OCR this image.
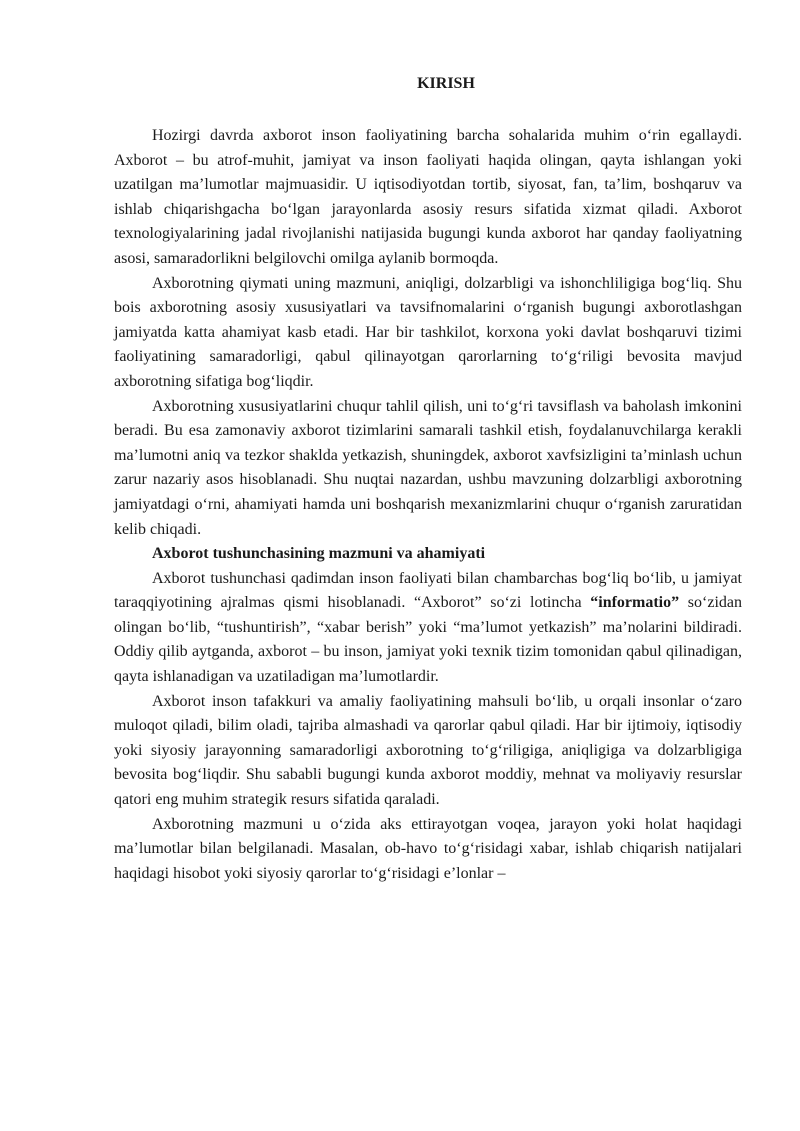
KIRISH

Hozirgi davrda axborot inson faoliyatining barcha sohalarida muhim o‘rin egallaydi. Axborot – bu atrof-muhit, jamiyat va inson faoliyati haqida olingan, qayta ishlangan yoki uzatilgan ma’lumotlar majmuasidir. U iqtisodiyotdan tortib, siyosat, fan, ta’lim, boshqaruv va ishlab chiqarishgacha bo‘lgan jarayonlarda asosiy resurs sifatida xizmat qiladi. Axborot texnologiyalarining jadal rivojlanishi natijasida bugungi kunda axborot har qanday faoliyatning asosi, samaradorlikni belgilovchi omilga aylanib bormoqda.

Axborotning qiymati uning mazmuni, aniqligi, dolzarbligi va ishonchliligiga bog‘liq. Shu bois axborotning asosiy xususiyatlari va tavsifnomalarini o‘rganish bugungi axborotlashgan jamiyatda katta ahamiyat kasb etadi. Har bir tashkilot, korxona yoki davlat boshqaruvi tizimi faoliyatining samaradorligi, qabul qilinayotgan qarorlarning to‘g‘riligi bevosita mavjud axborotning sifatiga bog‘liqdir.

Axborotning xususiyatlarini chuqur tahlil qilish, uni to‘g‘ri tavsiflash va baholash imkonini beradi. Bu esa zamonaviy axborot tizimlarini samarali tashkil etish, foydalanuvchilarga kerakli ma’lumotni aniq va tezkor shaklda yetkazish, shuningdek, axborot xavfsizligini ta’minlash uchun zarur nazariy asos hisoblanadi. Shu nuqtai nazardan, ushbu mavzuning dolzarbligi axborotning jamiyatdagi o‘rni, ahamiyati hamda uni boshqarish mexanizmlarini chuqur o‘rganish zaruratidan kelib chiqadi.

Axborot tushunchasining mazmuni va ahamiyati

Axborot tushunchasi qadimdan inson faoliyati bilan chambarchas bog‘liq bo‘lib, u jamiyat taraqqiyotining ajralmas qismi hisoblanadi. “Axborot” so‘zi lotincha “informatio” so‘zidan olingan bo‘lib, “tushuntirish”, “xabar berish” yoki “ma’lumot yetkazish” ma’nolarini bildiradi. Oddiy qilib aytganda, axborot – bu inson, jamiyat yoki texnik tizim tomonidan qabul qilinadigan, qayta ishlanadigan va uzatiladigan ma’lumotlardir.

Axborot inson tafakkuri va amaliy faoliyatining mahsuli bo‘lib, u orqali insonlar o‘zaro muloqot qiladi, bilim oladi, tajriba almashadi va qarorlar qabul qiladi. Har bir ijtimoiy, iqtisodiy yoki siyosiy jarayonning samaradorligi axborotning to‘g‘riligiga, aniqligiga va dolzarbligiga bevosita bog‘liqdir. Shu sababli bugungi kunda axborot moddiy, mehnat va moliyaviy resurslar qatori eng muhim strategik resurs sifatida qaraladi.

Axborotning mazmuni u o‘zida aks ettirayotgan voqea, jarayon yoki holat haqidagi ma’lumotlar bilan belgilanadi. Masalan, ob-havo to‘g‘risidagi xabar, ishlab chiqarish natijalari haqidagi hisobot yoki siyosiy qarorlar to‘g‘risidagi e’lonlar –
